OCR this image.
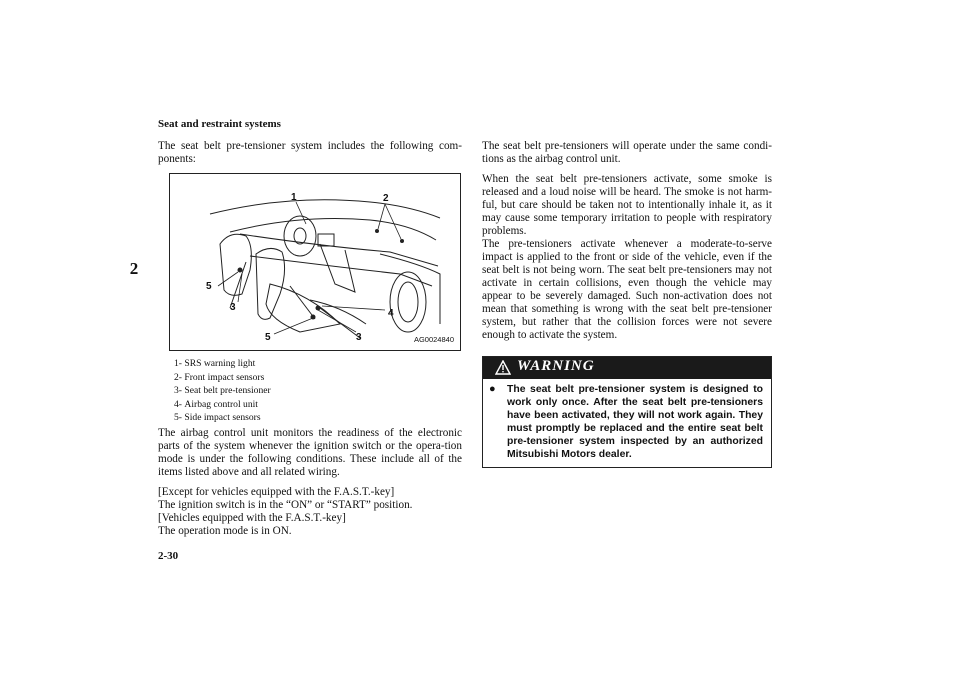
Seat and restraint systems
2

The seat belt pre-tensioner system includes the following com-ponents:

1	2
5
3
5	3
4
AG0024840
1- SRS warning light
2- Front impact sensors
3- Seat belt pre-tensioner
4- Airbag control unit
5- Side impact sensors

The airbag control unit monitors the readiness of the electronic parts of the system whenever the ignition switch or the opera-tion mode is under the following conditions. These include all of the items listed above and all related wiring.

[Except for vehicles equipped with the F.A.S.T.-key]
The ignition switch is in the “ON” or “START” position.
[Vehicles equipped with the F.A.S.T.-key]
The operation mode is in ON.

The seat belt pre-tensioners will operate under the same condi-tions as the airbag control unit.

When the seat belt pre-tensioners activate, some smoke is released and a loud noise will be heard. The smoke is not harm-ful, but care should be taken not to intentionally inhale it, as it may cause some temporary irritation to people with respiratory problems.

The pre-tensioners activate whenever a moderate-to-serve impact is applied to the front or side of the vehicle, even if the seat belt is not being worn. The seat belt pre-tensioners may not activate in certain collisions, even though the vehicle may appear to be severely damaged. Such non-activation does not mean that something is wrong with the seat belt pre-tensioner system, but rather that the collision forces were not severe enough to activate the system.

WARNING
● The seat belt pre-tensioner system is designed to work only once. After the seat belt pre-tensioners have been activated, they will not work again. They must promptly be replaced and the entire seat belt pre-tensioner system inspected by an authorized Mitsubishi Motors dealer.
2-30
